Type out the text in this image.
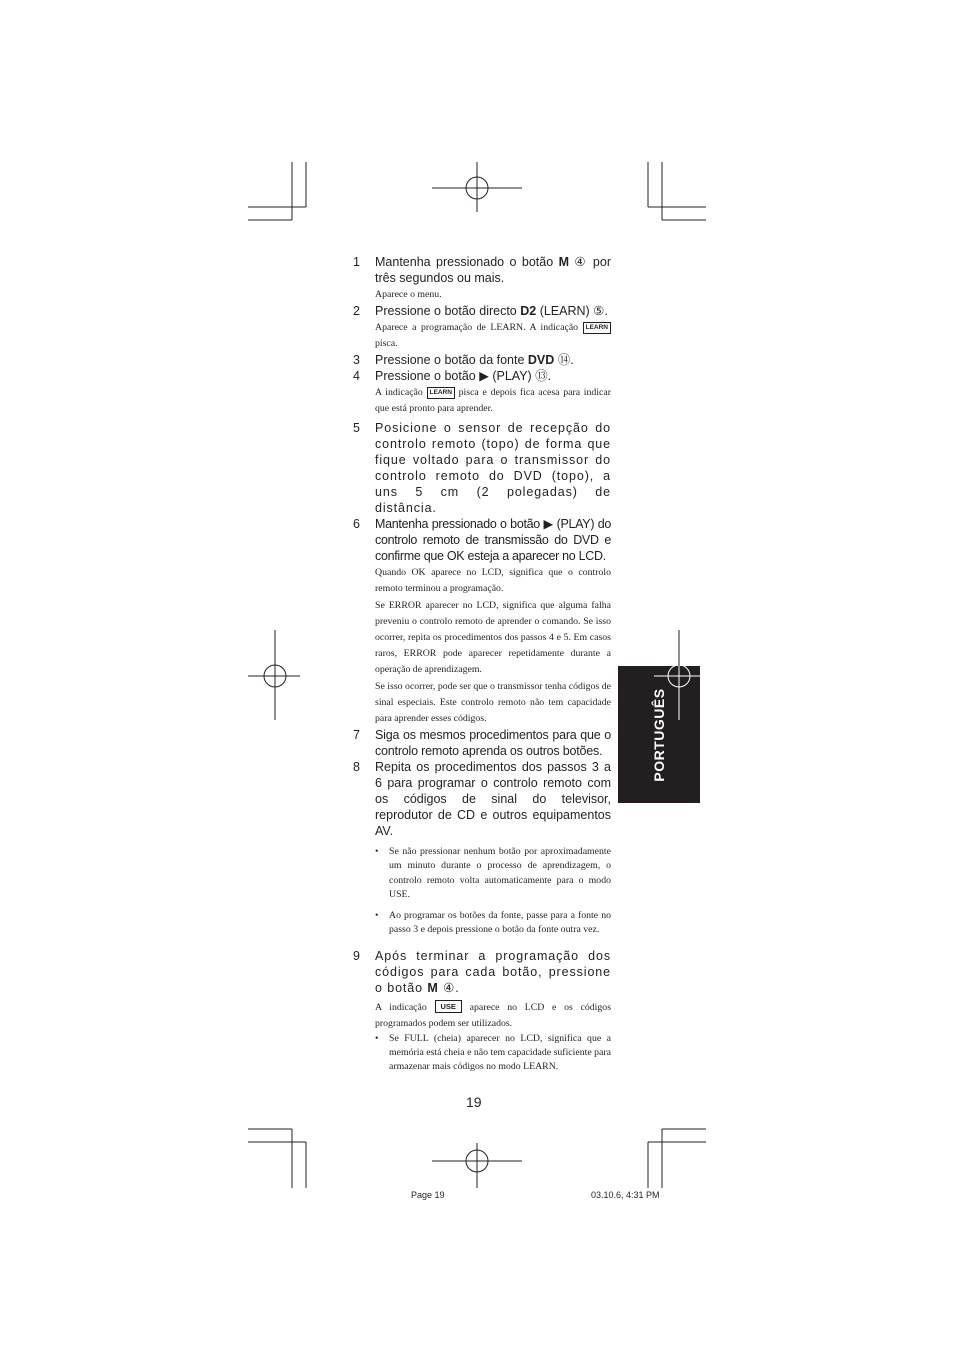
PORTUGUÊS
1 Mantenha pressionado o botão M ④ por três segundos ou mais.
Aparece o menu.
2 Pressione o botão directo D2 (LEARN) ⑤.
Aparece a programação de LEARN. A indicação LEARN pisca.
3 Pressione o botão da fonte DVD ⑭.
4 Pressione o botão ▶ (PLAY) ⑬.
A indicação LEARN pisca e depois fica acesa para indicar que está pronto para aprender.
5 Posicione o sensor de recepção do controlo remoto (topo) de forma que fique voltado para o transmissor do controlo remoto do DVD (topo), a uns 5 cm (2 polegadas) de distância.
6 Mantenha pressionado o botão ▶ (PLAY) do controlo remoto de transmissão do DVD e confirme que OK esteja a aparecer no LCD.
Quando OK aparece no LCD, significa que o controlo remoto terminou a programação.
Se ERROR aparecer no LCD, significa que alguma falha preveniu o controlo remoto de aprender o comando. Se isso ocorrer, repita os procedimentos dos passos 4 e 5. Em casos raros, ERROR pode aparecer repetidamente durante a operação de aprendizagem.
Se isso ocorrer, pode ser que o transmissor tenha códigos de sinal especiais. Este controlo remoto não tem capacidade para aprender esses códigos.
7 Siga os mesmos procedimentos para que o controlo remoto aprenda os outros botões.
8 Repita os procedimentos dos passos 3 a 6 para programar o controlo remoto com os códigos de sinal do televisor, reprodutor de CD e outros equipamentos AV.
• Se não pressionar nenhum botão por aproximadamente um minuto durante o processo de aprendizagem, o controlo remoto volta automaticamente para o modo USE.
• Ao programar os botões da fonte, passe para a fonte no passo 3 e depois pressione o botão da fonte outra vez.
9 Após terminar a programação dos códigos para cada botão, pressione o botão M ④.
A indicação USE aparece no LCD e os códigos programados podem ser utilizados.
• Se FULL (cheia) aparecer no LCD, significa que a memória está cheia e não tem capacidade suficiente para armazenar mais códigos no modo LEARN.
19
Page 19	03.10.6, 4:31 PM
